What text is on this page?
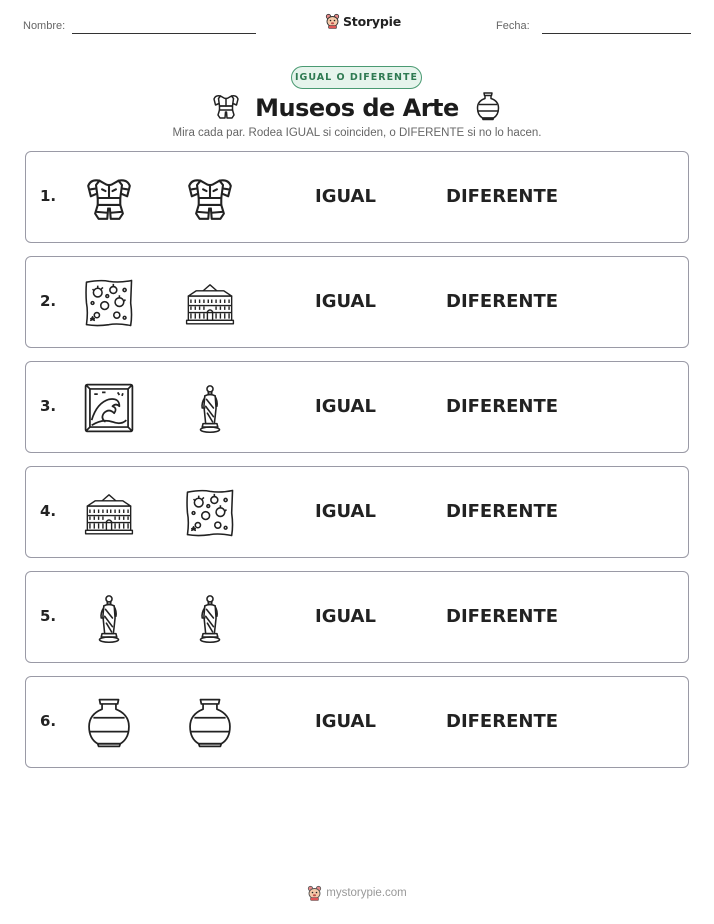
Nombre:	Storypie	Fecha:
IGUAL O DIFERENTE
Museos de Arte
Mira cada par. Rodea IGUAL si coinciden, o DIFERENTE si no lo hacen.
1.	IGUAL	DIFERENTE
2.	IGUAL	DIFERENTE
3.	IGUAL	DIFERENTE
4.	IGUAL	DIFERENTE
5.	IGUAL	DIFERENTE
6.	IGUAL	DIFERENTE
mystorypie.com
